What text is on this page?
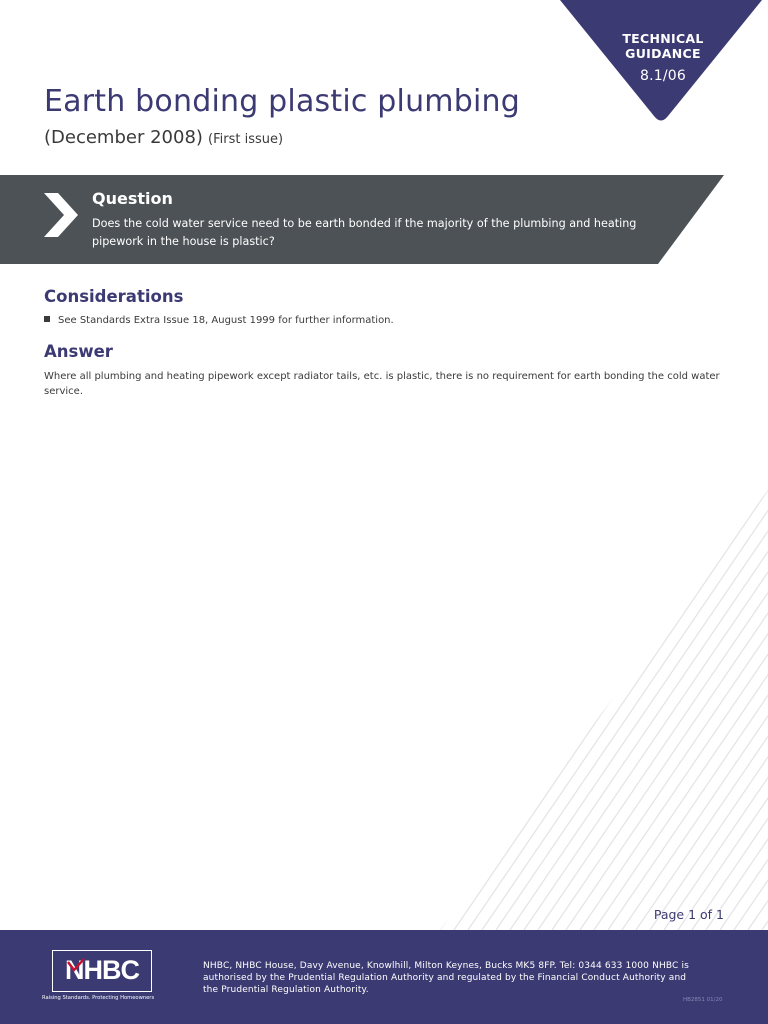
TECHNICAL
GUIDANCE
8.1/06
Earth bonding plastic plumbing

(December 2008) (First issue)

Question

Does the cold water service need to be earth bonded if the majority of the plumbing and heating pipework in the house is plastic?

Considerations
See Standards Extra Issue 18, August 1999 for further information.
Answer

Where all plumbing and heating pipework except radiator tails, etc. is plastic, there is no requirement for earth bonding the cold water service.

Page 1 of 1
NHBC
Raising Standards. Protecting Homeowners

NHBC, NHBC House, Davy Avenue, Knowlhill, Milton Keynes, Bucks MK5 8FP. Tel: 0344 633 1000 NHBC is authorised by the Prudential Regulation Authority and regulated by the Financial Conduct Authority and the Prudential Regulation Authority.

HB2851 01/20
